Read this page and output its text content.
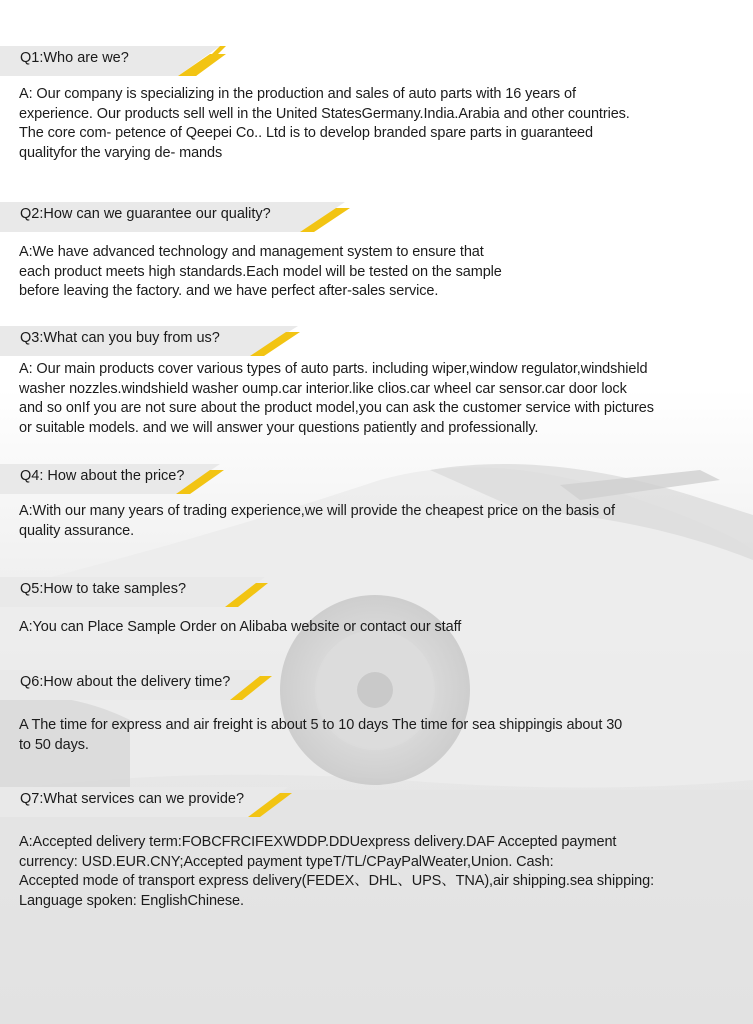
Q1:Who are we?
A: Our company is specializing in the production and sales of auto parts with 16 years of
experience. Our products sell well in the United StatesGermany.India.Arabia and other countries.
The core com- petence of Qeepei Co.. Ltd is to develop branded spare parts in guaranteed
qualityfor the varying de- mands
Q2:How can we guarantee our quality?
A:We have advanced technology and management system to ensure that
each product meets high standards.Each model will be tested on the sample
before leaving the factory. and we have perfect after-sales service.
Q3:What can you buy from us?
A: Our main products cover various types of auto parts. including wiper,window regulator,windshield
washer nozzles.windshield washer oump.car interior.like clios.car wheel car sensor.car door lock
and so onIf you are not sure about the product model,you can ask the customer service with pictures
or suitable models. and we will answer your questions patiently and professionally.
Q4: How about the price?
A:With our many years of trading experience,we will provide the cheapest price on the basis of
quality assurance.
Q5:How to take samples?
A:You can Place Sample Order on Alibaba website or contact our staff
Q6:How about the delivery time?
A The time for express and air freight is about 5 to 10 days The time for sea shippingis about 30
to 50 days.
Q7:What services can we provide?
A:Accepted delivery term:FOBCFRCIFEXWDDP.DDUexpress delivery.DAF Accepted payment
currency: USD.EUR.CNY;Accepted payment typeT/TL/CPayPalWeater,Union. Cash:
Accepted mode of transport express delivery(FEDEX、DHL、UPS、TNA),air shipping.sea shipping:
Language spoken: EnglishChinese.
